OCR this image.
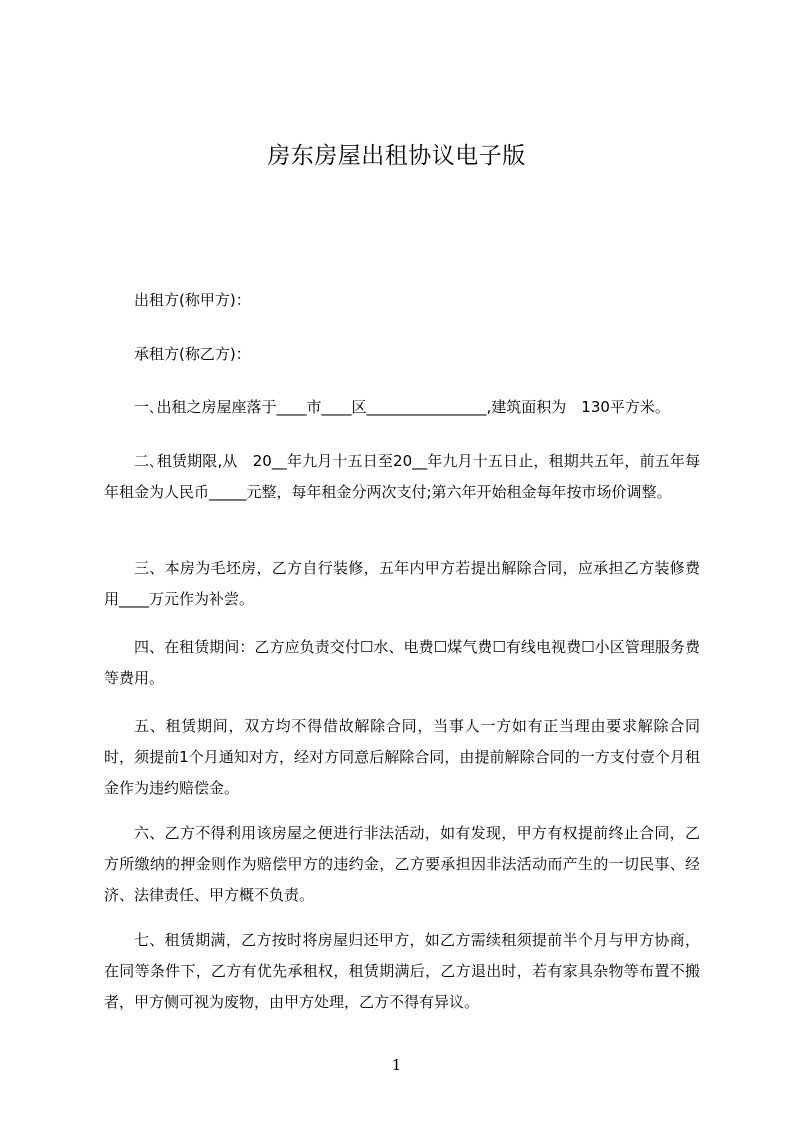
房东房屋出租协议电子版

出租方(称甲方)：

承租方(称乙方)：

一､出租之房屋座落于____市____区________________,建筑面积为　130平方米。

二､租赁期限,从　20__年九月十五日至20__年九月十五日止，租期共五年，前五年每年租金为人民币_____元整，每年租金分两次支付;第六年开始租金每年按市场价调整。

三、本房为毛坯房，乙方自行装修，五年内甲方若提出解除合同，应承担乙方装修费用____万元作为补尝。

四、在租赁期间：乙方应负责交付☐水、电费☐煤气费☐有线电视费☐小区管理服务费等费用。

五、租赁期间，双方均不得借故解除合同，当事人一方如有正当理由要求解除合同时，须提前1个月通知对方，经对方同意后解除合同，由提前解除合同的一方支付壹个月租金作为违约赔偿金。

六、乙方不得利用该房屋之便进行非法活动，如有发现，甲方有权提前终止合同，乙方所缴纳的押金则作为赔偿甲方的违约金，乙方要承担因非法活动而产生的一切民事、经济、法律责任、甲方概不负责。

七、租赁期满，乙方按时将房屋归还甲方，如乙方需续租须提前半个月与甲方协商，在同等条件下，乙方有优先承租权，租赁期满后，乙方退出时，若有家具杂物等布置不搬者，甲方侧可视为废物，由甲方处理，乙方不得有异议。

1
